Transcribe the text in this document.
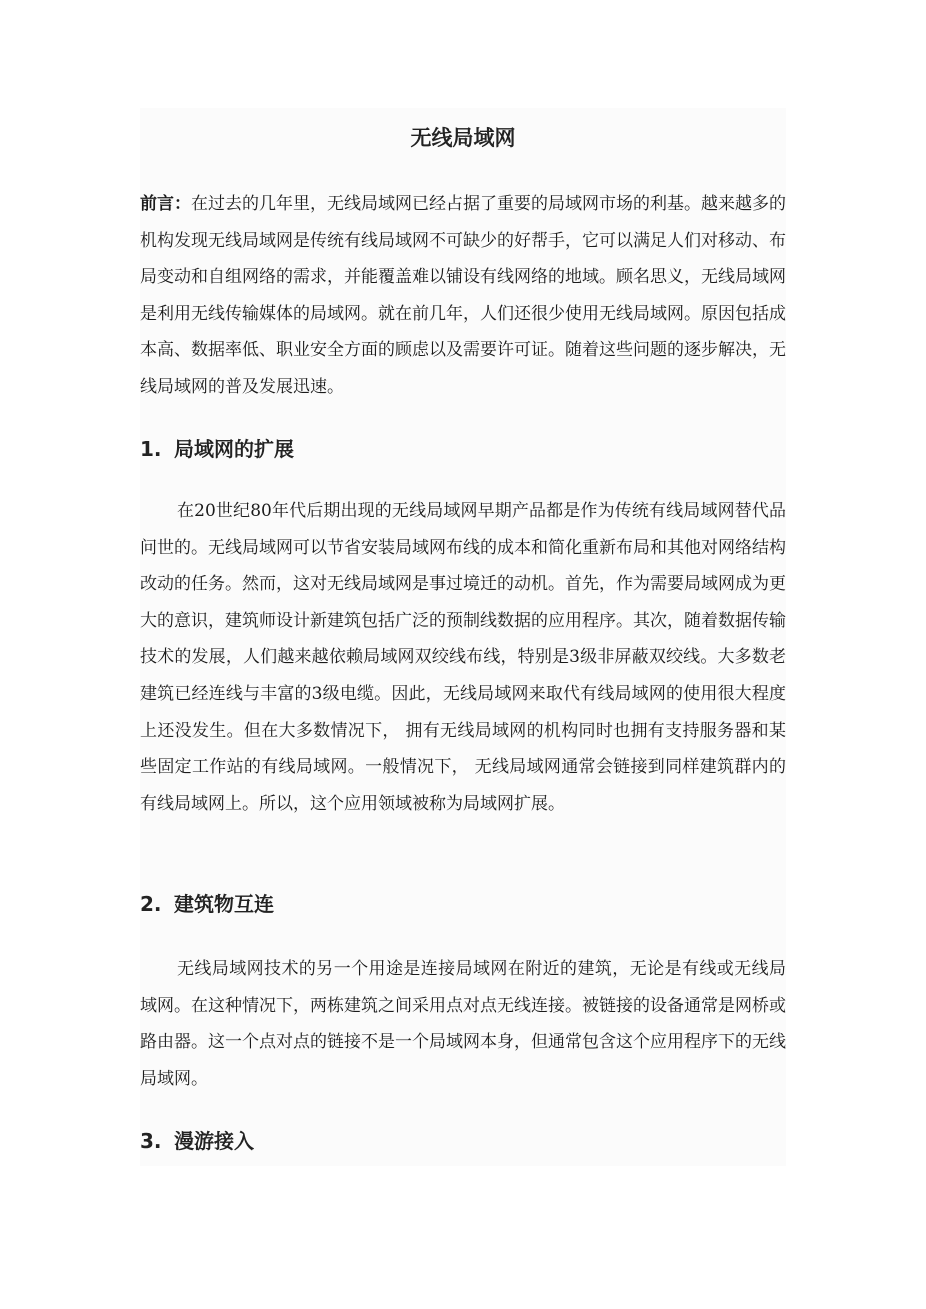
无线局域网

前言：在过去的几年里，无线局域网已经占据了重要的局域网市场的利基。越来越多的机构发现无线局域网是传统有线局域网不可缺少的好帮手，它可以满足人们对移动、布局变动和自组网络的需求，并能覆盖难以铺设有线网络的地域。顾名思义，无线局域网是利用无线传输媒体的局域网。就在前几年，人们还很少使用无线局域网。原因包括成本高、数据率低、职业安全方面的顾虑以及需要许可证。随着这些问题的逐步解决，无线局域网的普及发展迅速。

1. 局域网的扩展

在20世纪80年代后期出现的无线局域网早期产品都是作为传统有线局域网替代品问世的。无线局域网可以节省安装局域网布线的成本和简化重新布局和其他对网络结构改动的任务。然而，这对无线局域网是事过境迁的动机。首先，作为需要局域网成为更大的意识，建筑师设计新建筑包括广泛的预制线数据的应用程序。其次，随着数据传输技术的发展，人们越来越依赖局域网双绞线布线，特别是3级非屏蔽双绞线。大多数老建筑已经连线与丰富的3级电缆。因此，无线局域网来取代有线局域网的使用很大程度上还没发生。但在大多数情况下， 拥有无线局域网的机构同时也拥有支持服务器和某些固定工作站的有线局域网。一般情况下， 无线局域网通常会链接到同样建筑群内的有线局域网上。所以，这个应用领域被称为局域网扩展。

2. 建筑物互连

无线局域网技术的另一个用途是连接局域网在附近的建筑，无论是有线或无线局域网。在这种情况下，两栋建筑之间采用点对点无线连接。被链接的设备通常是网桥或路由器。这一个点对点的链接不是一个局域网本身，但通常包含这个应用程序下的无线局域网。

3. 漫游接入
